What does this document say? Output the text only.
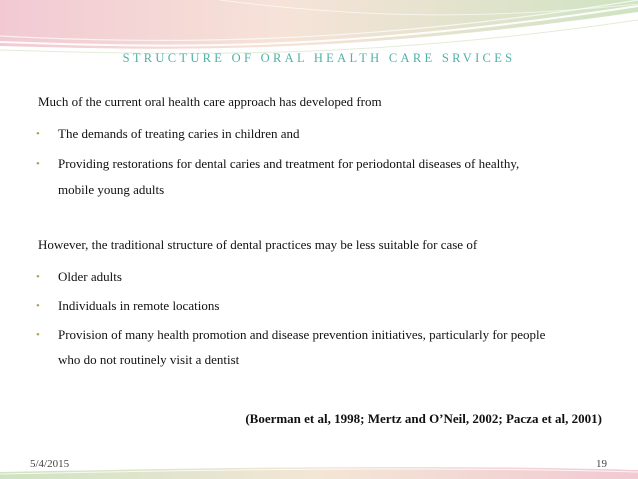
STRUCTURE OF ORAL HEALTH CARE SRVICES
Much of the current oral health care approach has developed from
• The demands of treating caries in children and
• Providing restorations for dental caries and treatment for periodontal diseases of healthy,
mobile young adults
However, the traditional structure of dental practices may be less suitable for case of
• Older adults
• Individuals in remote locations
• Provision of many health promotion and disease prevention initiatives, particularly for people
who do not routinely visit a dentist
(Boerman et al, 1998; Mertz and O’Neil, 2002; Pacza et al, 2001)
5/4/2015	19
